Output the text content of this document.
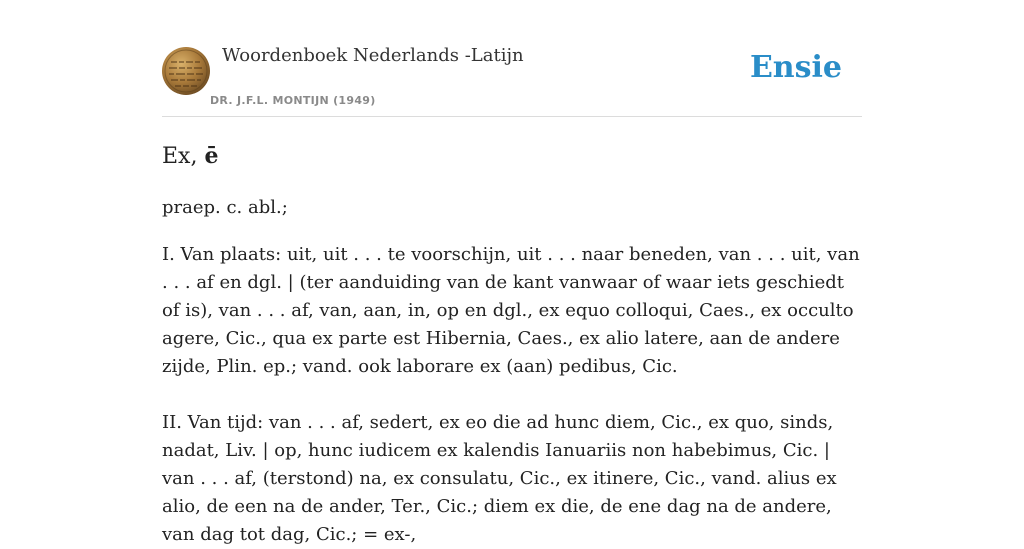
Woordenboek Nederlands -Latijn
DR. J.F.L. MONTIJN (1949)
Ensie
Ex, ē

praep. c. abl.;

I. Van plaats: uit, uit . . . te voorschijn, uit . . . naar beneden, van . . . uit, van . . . af en dgl. | (ter aanduiding van de kant vanwaar of waar iets geschiedt of is), van . . . af, van, aan, in, op en dgl., ex equo colloqui, Caes., ex occulto agere, Cic., qua ex parte est Hibernia, Caes., ex alio latere, aan de andere zijde, Plin. ep.; vand. ook laborare ex (aan) pedibus, Cic.

II. Van tijd: van . . . af, sedert, ex eo die ad hunc diem, Cic., ex quo, sinds, nadat, Liv. | op, hunc iudicem ex kalendis Ianuariis non habebimus, Cic. | van . . . af, (terstond) na, ex consulatu, Cic., ex itinere, Cic., vand. alius ex alio, de een na de ander, Ter., Cic.; diem ex die, de ene dag na de andere, van dag tot dag, Cic.; = ex-,
